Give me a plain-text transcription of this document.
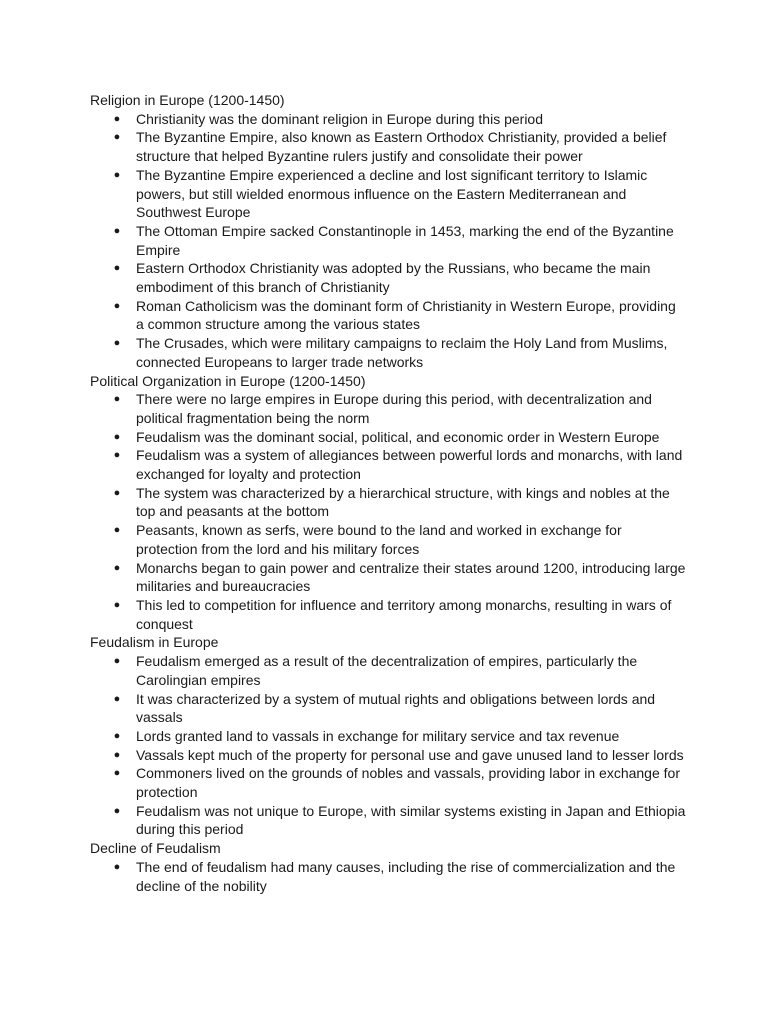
Religion in Europe (1200-1450)
● Christianity was the dominant religion in Europe during this period
● The Byzantine Empire, also known as Eastern Orthodox Christianity, provided a belief
structure that helped Byzantine rulers justify and consolidate their power
● The Byzantine Empire experienced a decline and lost significant territory to Islamic
powers, but still wielded enormous influence on the Eastern Mediterranean and
Southwest Europe
● The Ottoman Empire sacked Constantinople in 1453, marking the end of the Byzantine
Empire
● Eastern Orthodox Christianity was adopted by the Russians, who became the main
embodiment of this branch of Christianity
● Roman Catholicism was the dominant form of Christianity in Western Europe, providing
a common structure among the various states
● The Crusades, which were military campaigns to reclaim the Holy Land from Muslims,
connected Europeans to larger trade networks
Political Organization in Europe (1200-1450)
● There were no large empires in Europe during this period, with decentralization and
political fragmentation being the norm
● Feudalism was the dominant social, political, and economic order in Western Europe
● Feudalism was a system of allegiances between powerful lords and monarchs, with land
exchanged for loyalty and protection
● The system was characterized by a hierarchical structure, with kings and nobles at the
top and peasants at the bottom
● Peasants, known as serfs, were bound to the land and worked in exchange for
protection from the lord and his military forces
● Monarchs began to gain power and centralize their states around 1200, introducing large
militaries and bureaucracies
● This led to competition for influence and territory among monarchs, resulting in wars of
conquest
Feudalism in Europe
● Feudalism emerged as a result of the decentralization of empires, particularly the
Carolingian empires
● It was characterized by a system of mutual rights and obligations between lords and
vassals
● Lords granted land to vassals in exchange for military service and tax revenue
● Vassals kept much of the property for personal use and gave unused land to lesser lords
● Commoners lived on the grounds of nobles and vassals, providing labor in exchange for
protection
● Feudalism was not unique to Europe, with similar systems existing in Japan and Ethiopia
during this period
Decline of Feudalism
● The end of feudalism had many causes, including the rise of commercialization and the
decline of the nobility
